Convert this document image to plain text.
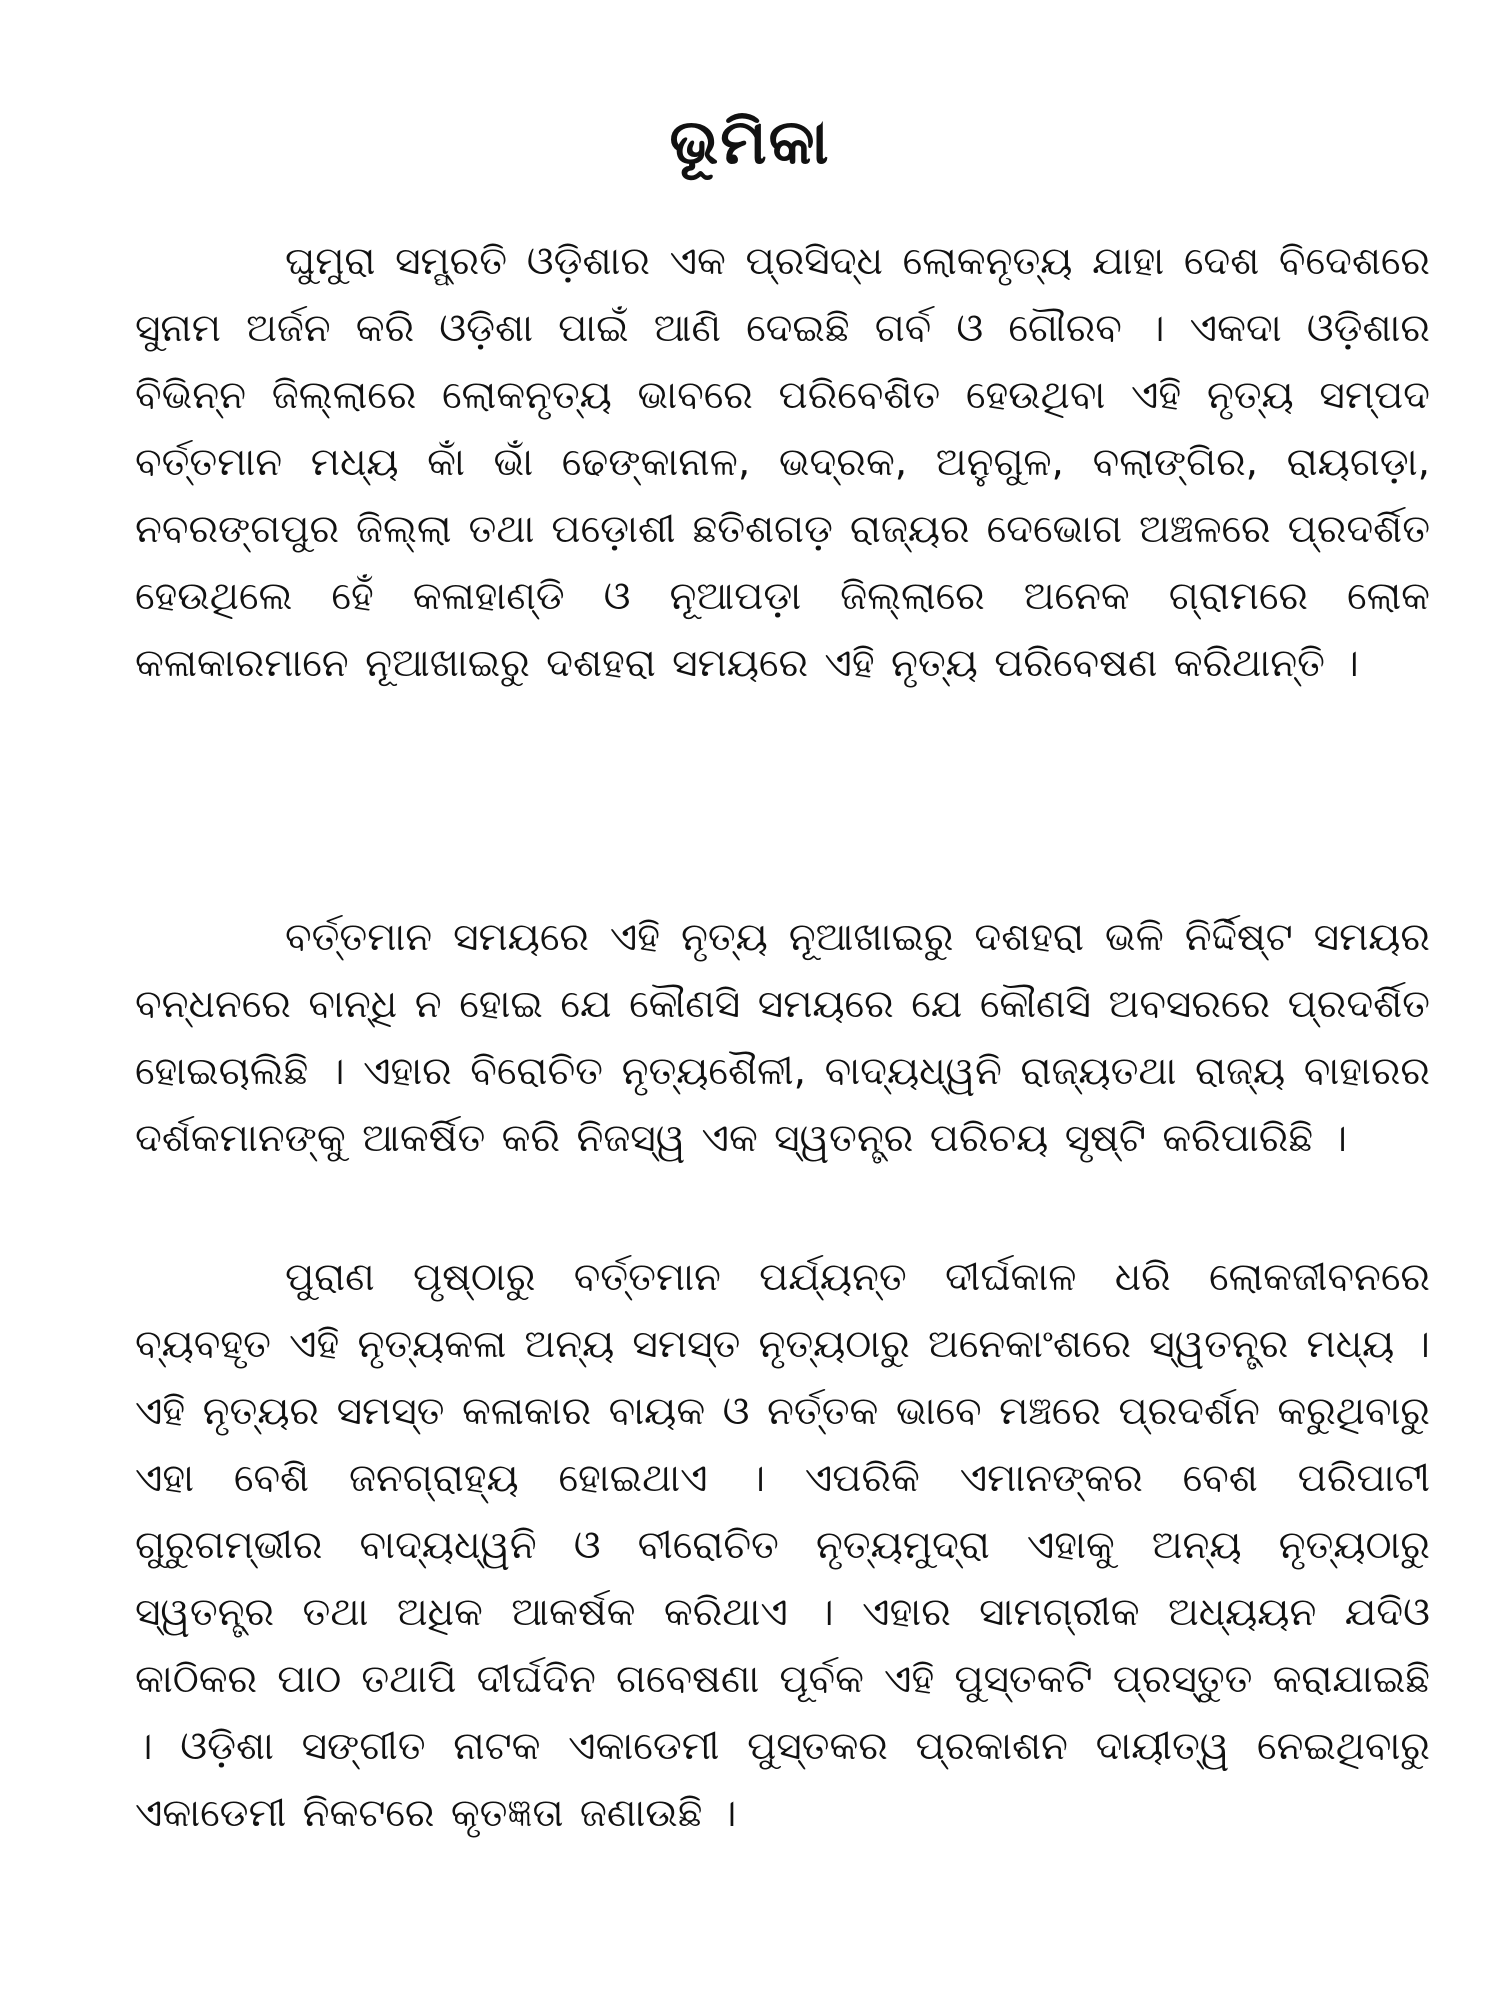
ଭୂମିକା

ଘୁମୁରା ସମ୍ପ୍ରତି ଓଡ଼ିଶାର ଏକ ପ୍ରସିଦ୍ଧ ଲୋକନୃତ୍ୟ ଯାହା ଦେଶ ବିଦେଶରେ ସୁନାମ ଅର୍ଜନ କରି ଓଡ଼ିଶା ପାଇଁ ଆଣି ଦେଇଛି ଗର୍ବ ଓ ଗୌରବ । ଏକଦା ଓଡ଼ିଶାର ବିଭିନ୍ନ ଜିଲ୍ଲାରେ ଲୋକନୃତ୍ୟ ଭାବରେ ପରିବେଶିତ ହେଉଥିବା ଏହି ନୃତ୍ୟ ସମ୍ପଦ ବର୍ତ୍ତମାନ ମଧ୍ୟ କାଁ ଭାଁ ଢେଙ୍କାନାଳ, ଭଦ୍ରକ, ଅନୁଗୁଳ, ବଲାଙ୍ଗିର, ରାୟଗଡ଼ା, ନବରଙ୍ଗପୁର ଜିଲ୍ଲା ତଥା ପଡ଼ୋଶୀ ଛତିଶଗଡ଼ ରାଜ୍ୟର ଦେଭୋଗ ଅଞ୍ଚଳରେ ପ୍ରଦର୍ଶିତ ହେଉଥିଲେ ହେଁ କଳାହାଣ୍ଡି ଓ ନୂଆପଡ଼ା ଜିଲ୍ଲାରେ ଅନେକ ଗ୍ରାମରେ ଲୋକ କଳାକାରମାନେ ନୂଆଖାଇରୁ ଦଶହରା ସମୟରେ ଏହି ନୃତ୍ୟ ପରିବେଷଣ କରିଥାନ୍ତି ।

ବର୍ତ୍ତମାନ ସମୟରେ ଏହି ନୃତ୍ୟ ନୂଆଖାଇରୁ ଦଶହରା ଭଳି ନିର୍ଦ୍ଦିଷ୍ଟ ସମୟର ବନ୍ଧନରେ ବାନ୍ଧି ନ ହୋଇ ଯେ କୌଣସି ସମୟରେ ଯେ କୌଣସି ଅବସରରେ ପ୍ରଦର୍ଶିତ ହୋଇଚାଲିଛି । ଏହାର ବିରୋଚିତ ନୃତ୍ୟଶୈଳୀ, ବାଦ୍ୟଧ୍ୱନି ରାଜ୍ୟତଥା ରାଜ୍ୟ ବାହାରର ଦର୍ଶକମାନଙ୍କୁ ଆକର୍ଷିତ କରି ନିଜସ୍ୱ ଏକ ସ୍ୱତନ୍ତ୍ର ପରିଚୟ ସୃଷ୍ଟି କରିପାରିଛି ।

ପୁରାଣ ପୃଷ୍ଠାରୁ ବର୍ତ୍ତମାନ ପର୍ଯ୍ୟନ୍ତ ଦୀର୍ଘକାଳ ଧରି ଲୋକଜୀବନରେ ବ୍ୟବହୃତ ଏହି ନୃତ୍ୟକଳା ଅନ୍ୟ ସମସ୍ତ ନୃତ୍ୟଠାରୁ ଅନେକାଂଶରେ ସ୍ୱତନ୍ତ୍ର ମଧ୍ୟ । ଏହି ନୃତ୍ୟର ସମସ୍ତ କଳାକାର ବାୟକ ଓ ନର୍ତ୍ତକ ଭାବେ ମଞ୍ଚରେ ପ୍ରଦର୍ଶନ କରୁଥିବାରୁ ଏହା ବେଶି ଜନଗ୍ରାହ୍ୟ ହୋଇଥାଏ । ଏପରିକି ଏମାନଙ୍କର ବେଶ ପରିପାଟୀ ଗୁରୁଗମ୍ଭୀର ବାଦ୍ୟଧ୍ୱନି ଓ ବୀରୋଚିତ ନୃତ୍ୟମୁଦ୍ରା ଏହାକୁ ଅନ୍ୟ ନୃତ୍ୟଠାରୁ ସ୍ୱତନ୍ତ୍ର ତଥା ଅଧିକ ଆକର୍ଷକ କରିଥାଏ । ଏହାର ସାମଗ୍ରୀକ ଅଧ୍ୟୟନ ଯଦିଓ କାଠିକର ପାଠ ତଥାପି ଦୀର୍ଘଦିନ ଗବେଷଣା ପୂର୍ବକ ଏହି ପୁସ୍ତକଟି ପ୍ରସ୍ତୁତ କରାଯାଇଛି । ଓଡ଼ିଶା ସଙ୍ଗୀତ ନାଟକ ଏକାଡେମୀ ପୁସ୍ତକର ପ୍ରକାଶନ ଦାୟୀତ୍ୱ ନେଇଥିବାରୁ ଏକାଡେମୀ ନିକଟରେ କୃତଜ୍ଞତା ଜଣାଉଛି ।
